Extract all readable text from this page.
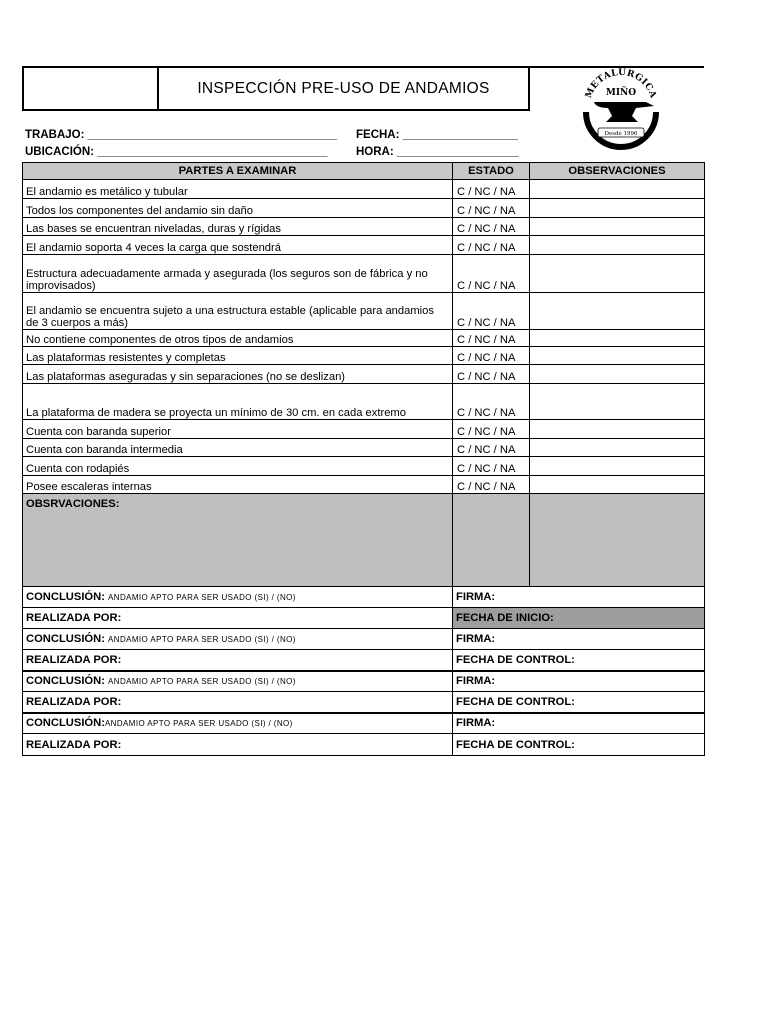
INSPECCIÓN PRE-USO DE ANDAMIOS	METALÚRGICA
MIÑO
Desde 1996
TRABAJO: _______________________________________ FECHA: __________________
UBICACIÓN: ____________________________________ HORA: ___________________
PARTES A EXAMINAR	ESTADO	OBSERVACIONES
El andamio es metálico y tubular	C / NC / NA	
Todos los componentes del andamio sin daño	C / NC / NA	
Las bases se encuentran niveladas, duras y rígidas	C / NC / NA	
El andamio soporta 4 veces la carga que sostendrá	C / NC / NA	
Estructura adecuadamente armada y asegurada (los seguros son de fábrica y no improvisados)	C / NC / NA	
El andamio se encuentra sujeto a una estructura estable (aplicable para andamios de 3 cuerpos a más)	C / NC / NA	
No contiene componentes de otros tipos de andamios	C / NC / NA	
Las plataformas resistentes y completas	C / NC / NA	
Las plataformas aseguradas y sin separaciones (no se deslizan)	C / NC / NA	
La plataforma de madera se proyecta un mínimo de 30 cm. en cada extremo	C / NC / NA	
Cuenta con baranda superior	C / NC / NA	
Cuenta con baranda intermedia	C / NC / NA	
Cuenta con rodapiés	C / NC / NA	
Posee escaleras internas	C / NC / NA	
OBSRVACIONES:		
CONCLUSIÓN: ANDAMIO APTO PARA SER USADO (SI) / (NO)	FIRMA:	
REALIZADA POR:	FECHA DE INICIO:	
CONCLUSIÓN: ANDAMIO APTO PARA SER USADO (SI) / (NO)	FIRMA:	
REALIZADA POR:	FECHA DE CONTROL:	
CONCLUSIÓN: ANDAMIO APTO PARA SER USADO (SI) / (NO)	FIRMA:	
REALIZADA POR:	FECHA DE CONTROL:	
CONCLUSIÓN:ANDAMIO APTO PARA SER USADO (SI) / (NO)	FIRMA:	
REALIZADA POR:	FECHA DE CONTROL:	
